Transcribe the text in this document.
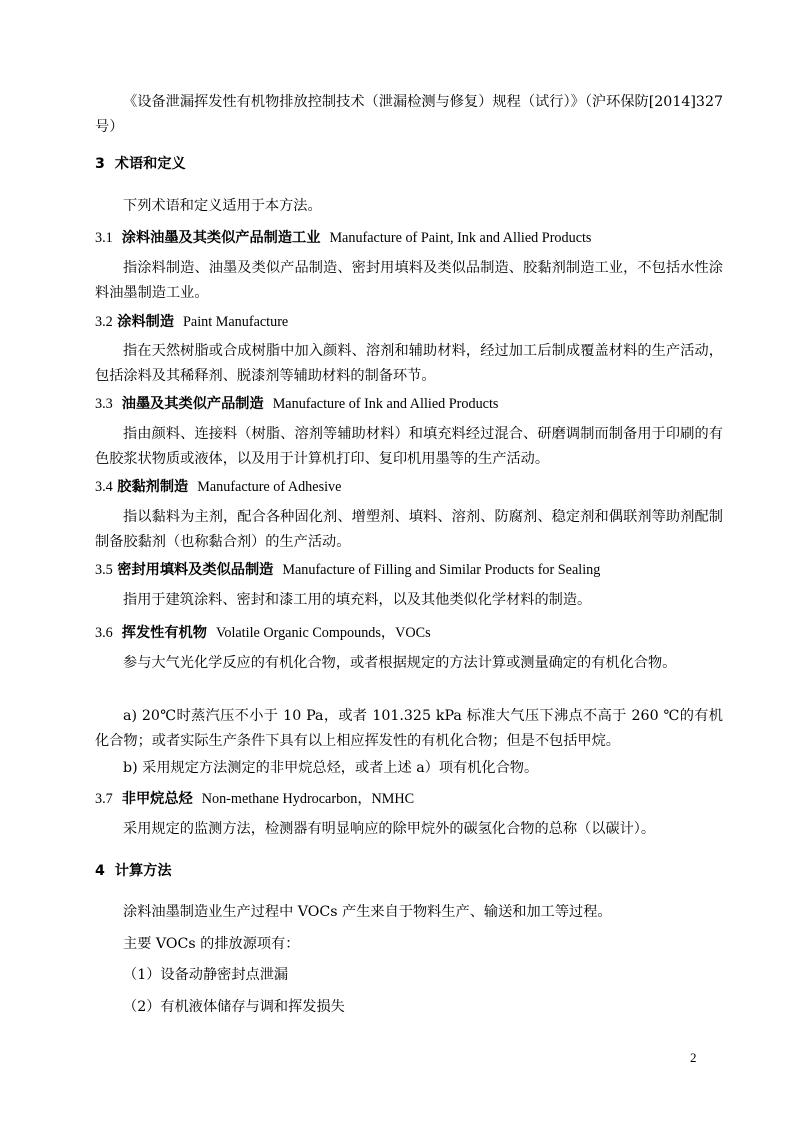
《设备泄漏挥发性有机物排放控制技术（泄漏检测与修复）规程（试行）》（沪环保防[2014]327 号）
3 术语和定义
下列术语和定义适用于本方法。
3.1 涂料油墨及其类似产品制造工业 Manufacture of Paint, Ink and Allied Products
指涂料制造、油墨及类似产品制造、密封用填料及类似品制造、胶黏剂制造工业，不包括水性涂料油墨制造工业。
3.2 涂料制造 Paint Manufacture
指在天然树脂或合成树脂中加入颜料、溶剂和辅助材料，经过加工后制成覆盖材料的生产活动，包括涂料及其稀释剂、脱漆剂等辅助材料的制备环节。
3.3 油墨及其类似产品制造 Manufacture of Ink and Allied Products
指由颜料、连接料（树脂、溶剂等辅助材料）和填充料经过混合、研磨调制而制备用于印刷的有色胶浆状物质或液体，以及用于计算机打印、复印机用墨等的生产活动。
3.4 胶黏剂制造 Manufacture of Adhesive
指以黏料为主剂，配合各种固化剂、增塑剂、填料、溶剂、防腐剂、稳定剂和偶联剂等助剂配制制备胶黏剂（也称黏合剂）的生产活动。
3.5 密封用填料及类似品制造 Manufacture of Filling and Similar Products for Sealing
指用于建筑涂料、密封和漆工用的填充料，以及其他类似化学材料的制造。
3.6 挥发性有机物 Volatile Organic Compounds，VOCs
参与大气光化学反应的有机化合物，或者根据规定的方法计算或测量确定的有机化合物。
a) 20℃时蒸汽压不小于 10 Pa，或者 101.325 kPa 标准大气压下沸点不高于 260 ℃的有机化合物；或者实际生产条件下具有以上相应挥发性的有机化合物；但是不包括甲烷。
b) 采用规定方法测定的非甲烷总烃，或者上述 a）项有机化合物。
3.7 非甲烷总烃 Non-methane Hydrocarbon，NMHC
采用规定的监测方法，检测器有明显响应的除甲烷外的碳氢化合物的总称（以碳计）。
4 计算方法
涂料油墨制造业生产过程中 VOCs 产生来自于物料生产、输送和加工等过程。
主要 VOCs 的排放源项有：
（1）设备动静密封点泄漏
（2）有机液体储存与调和挥发损失
2
